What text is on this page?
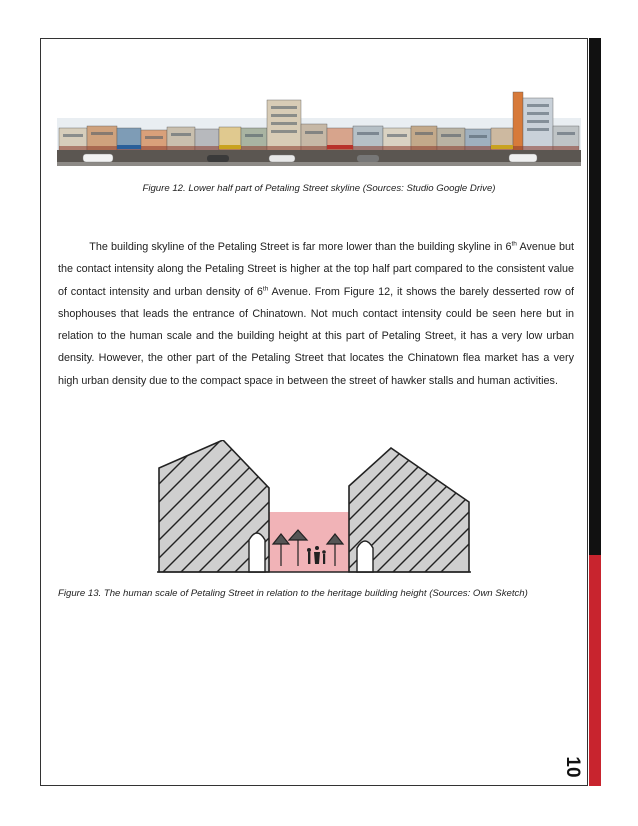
10
Figure 12. Lower half part of Petaling Street skyline (Sources: Studio Google Drive)
The building skyline of the Petaling Street is far more lower than the building skyline in 6th Avenue but the contact intensity along the Petaling Street is higher at the top half part compared to the consistent value of contact intensity and urban density of 6th Avenue. From Figure 12, it shows the barely desserted row of shophouses that leads the entrance of Chinatown. Not much contact intensity could be seen here but in relation to the human scale and the building height at this part of Petaling Street, it has a very low urban density. However, the other part of the Petaling Street that locates the Chinatown flea market has a very high urban density due to the compact space in between the street of hawker stalls and human activities.
Figure 13. The human scale of Petaling Street in relation to the heritage building height (Sources: Own Sketch)
